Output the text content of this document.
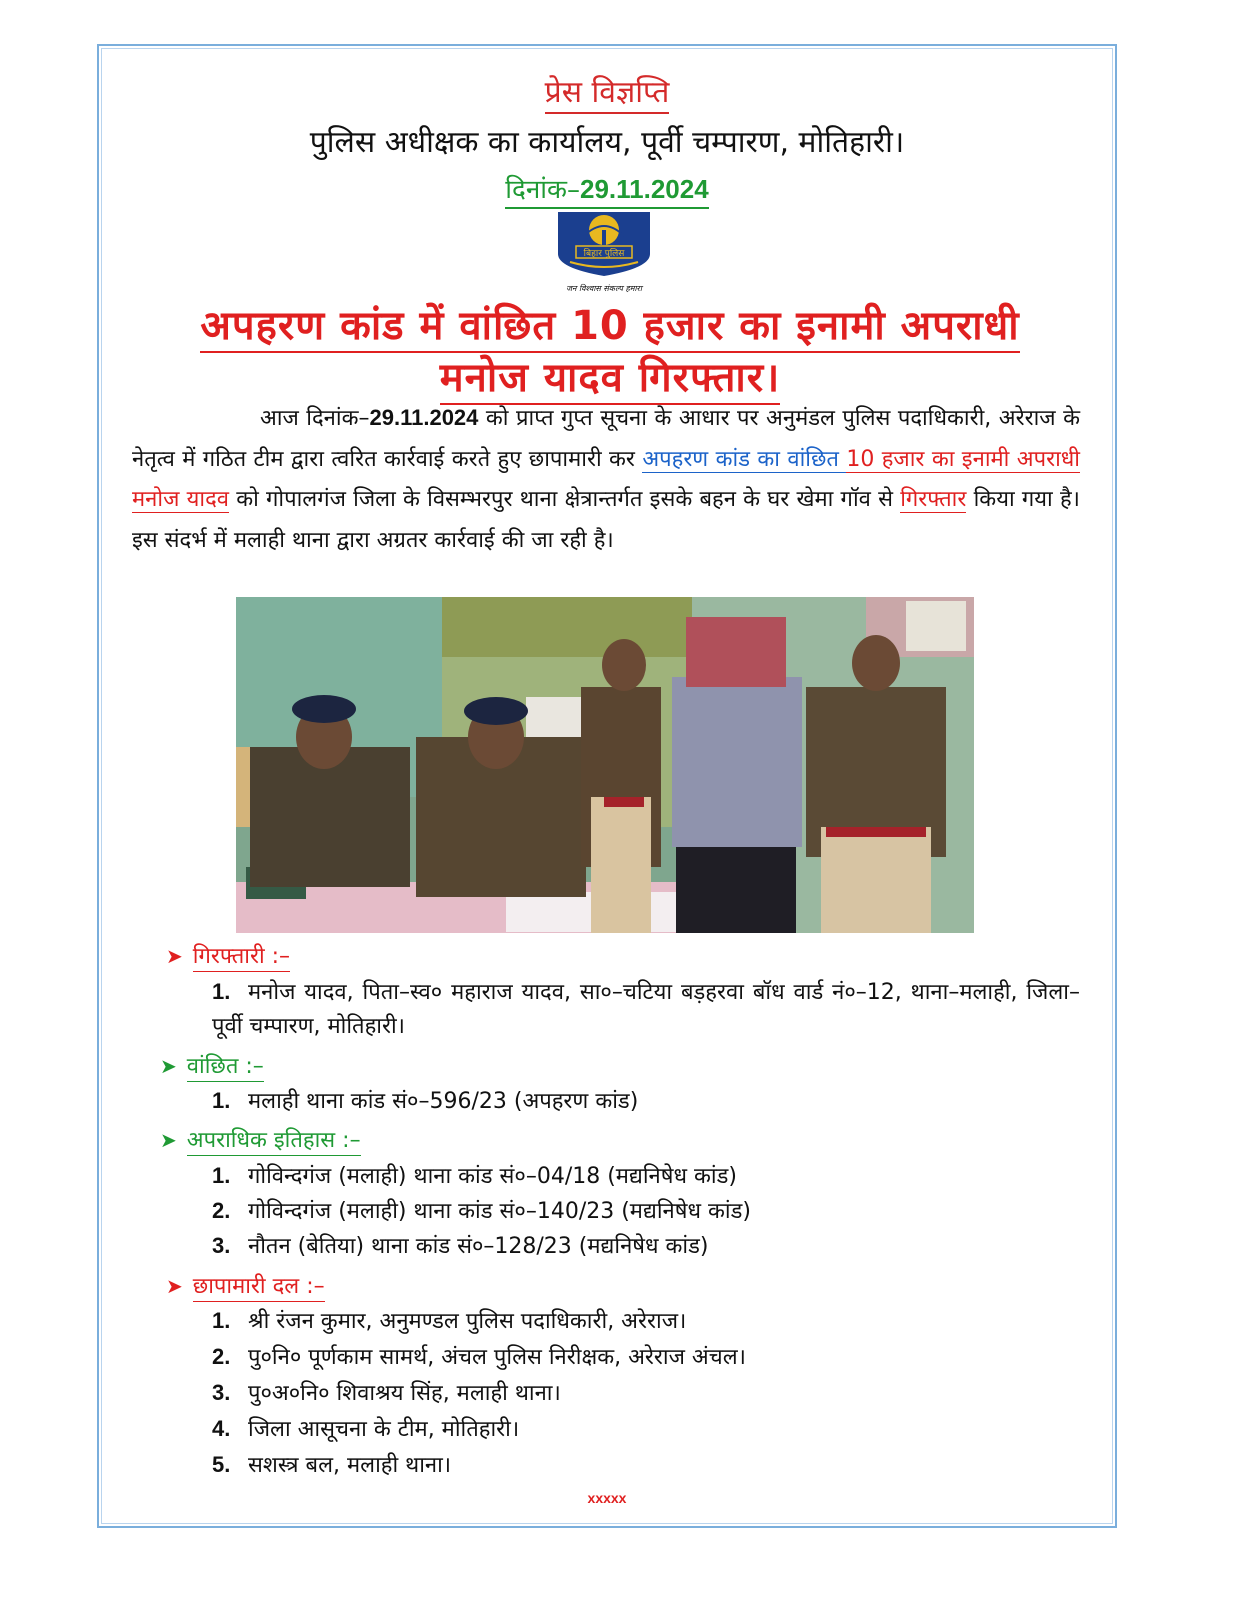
प्रेस विज्ञप्ति
पुलिस अधीक्षक का कार्यालय, पूर्वी चम्पारण, मोतिहारी।
दिनांक–29.11.2024
बिहार पुलिस
जन विश्वास संकल्प हमारा
अपहरण कांड में वांछित 10 हजार का इनामी अपराधी
मनोज यादव गिरफ्तार।
आज दिनांक–29.11.2024 को प्राप्त गुप्त सूचना के आधार पर अनुमंडल पुलिस पदाधिकारी, अरेराज के नेतृत्व में गठित टीम द्वारा त्वरित कार्रवाई करते हुए छापामारी कर अपहरण कांड का वांछित 10 हजार का इनामी अपराधी मनोज यादव को गोपालगंज जिला के विसम्भरपुर थाना क्षेत्रान्तर्गत इसके बहन के घर खेमा गॉव से गिरफ्तार किया गया है। इस संदर्भ में मलाही थाना द्वारा अग्रतर कार्रवाई की जा रही है।
➤ गिरफ्तारी :–
1. मनोज यादव, पिता–स्व० महाराज यादव, सा०–चटिया बड़हरवा बॉध वार्ड नं०–12, थाना–मलाही, जिला–पूर्वी चम्पारण, मोतिहारी।
➤ वांछित :–
1. मलाही थाना कांड सं०–596/23 (अपहरण कांड)
➤ अपराधिक इतिहास :–
1. गोविन्दगंज (मलाही) थाना कांड सं०–04/18 (मद्यनिषेध कांड)
2. गोविन्दगंज (मलाही) थाना कांड सं०–140/23 (मद्यनिषेध कांड)
3. नौतन (बेतिया) थाना कांड सं०–128/23 (मद्यनिषेध कांड)
➤ छापामारी दल :–
1. श्री रंजन कुमार, अनुमण्डल पुलिस पदाधिकारी, अरेराज।
2. पु०नि० पूर्णकाम सामर्थ, अंचल पुलिस निरीक्षक, अरेराज अंचल।
3. पु०अ०नि० शिवाश्रय सिंह, मलाही थाना।
4. जिला आसूचना के टीम, मोतिहारी।
5. सशस्त्र बल, मलाही थाना।
xxxxx
